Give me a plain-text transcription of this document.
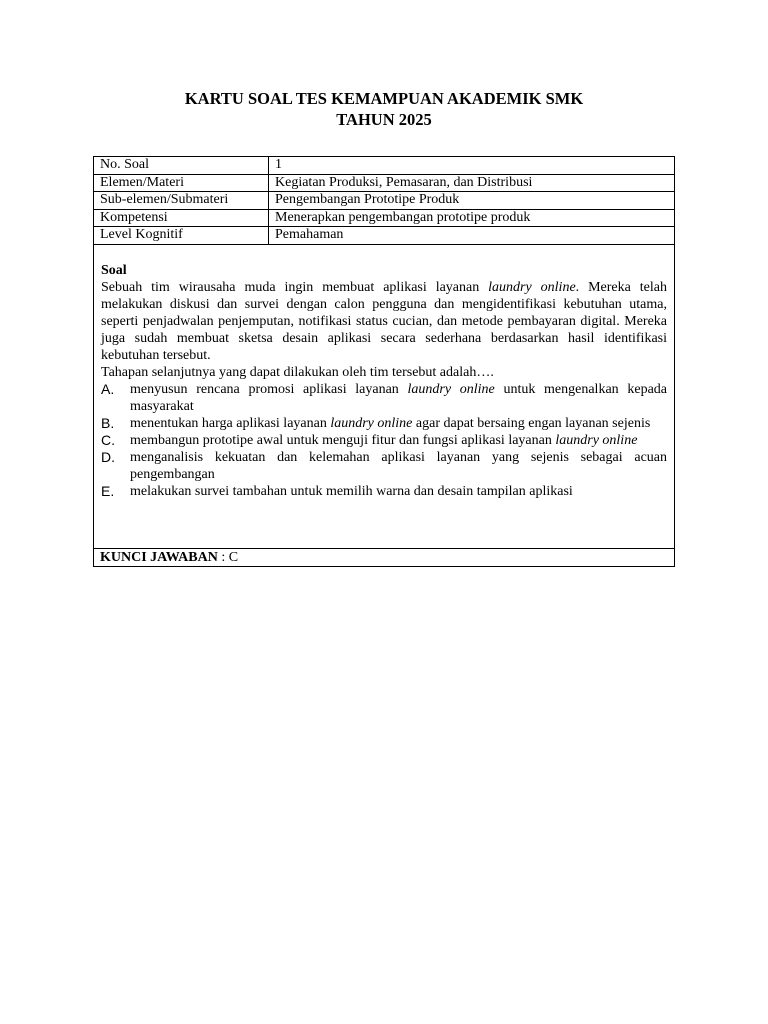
KARTU SOAL TES KEMAMPUAN AKADEMIK SMK
TAHUN 2025
No. Soal	1
Elemen/Materi	Kegiatan Produksi, Pemasaran, dan Distribusi
Sub-elemen/Submateri	Pengembangan Prototipe Produk
Kompetensi	Menerapkan pengembangan prototipe produk
Level Kognitif	Pemahaman
Soal
Sebuah tim wirausaha muda ingin membuat aplikasi layanan laundry online. Mereka telah melakukan diskusi dan survei dengan calon pengguna dan mengidentifikasi kebutuhan utama, seperti penjadwalan penjemputan, notifikasi status cucian, dan metode pembayaran digital. Mereka juga sudah membuat sketsa desain aplikasi secara sederhana berdasarkan hasil identifikasi kebutuhan tersebut.
Tahapan selanjutnya yang dapat dilakukan oleh tim tersebut adalah….
A. menyusun rencana promosi aplikasi layanan laundry online untuk mengenalkan kepada masyarakat
B. menentukan harga aplikasi layanan laundry online agar dapat bersaing engan layanan sejenis
C. membangun prototipe awal untuk menguji fitur dan fungsi aplikasi layanan laundry online
D. menganalisis kekuatan dan kelemahan aplikasi layanan yang sejenis sebagai acuan pengembangan
E. melakukan survei tambahan untuk memilih warna dan desain tampilan aplikasi
KUNCI JAWABAN : C
